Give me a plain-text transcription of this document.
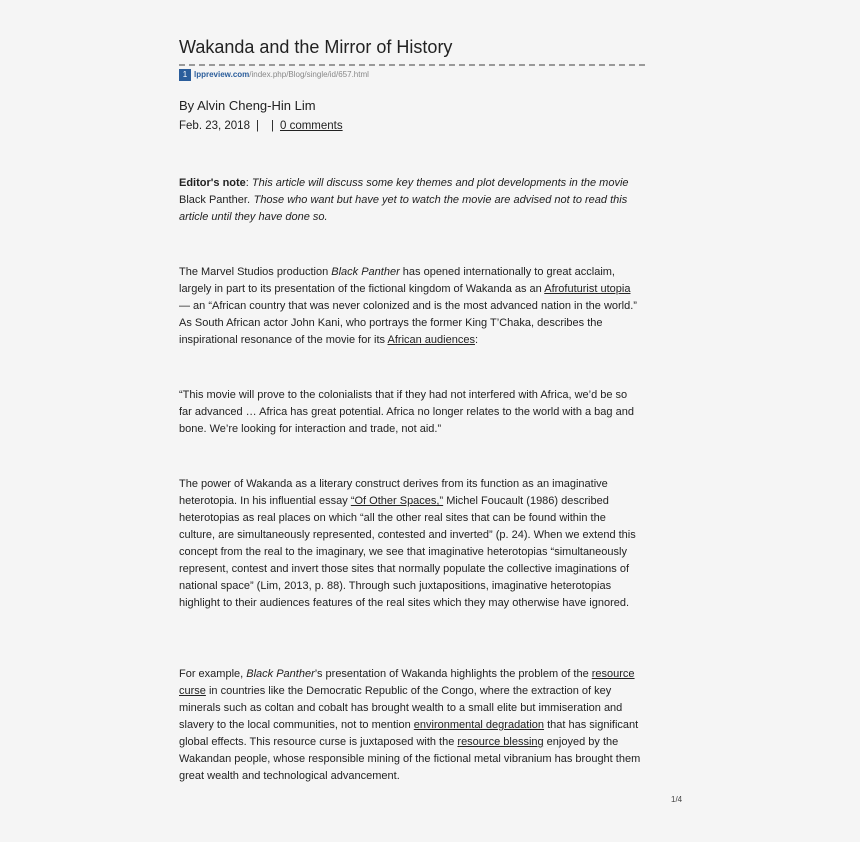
Wakanda and the Mirror of History
1 lppreview.com/index.php/Blog/single/id/657.html
By Alvin Cheng-Hin Lim
Feb. 23, 2018 | | 0 comments

Editor's note: This article will discuss some key themes and plot developments in the movie Black Panther. Those who want but have yet to watch the movie are advised not to read this article until they have done so.

The Marvel Studios production Black Panther has opened internationally to great acclaim, largely in part to its presentation of the fictional kingdom of Wakanda as an Afrofuturist utopia — an “African country that was never colonized and is the most advanced nation in the world.” As South African actor John Kani, who portrays the former King T’Chaka, describes the inspirational resonance of the movie for its African audiences:

“This movie will prove to the colonialists that if they had not interfered with Africa, we’d be so far advanced … Africa has great potential. Africa no longer relates to the world with a bag and bone. We’re looking for interaction and trade, not aid.”

The power of Wakanda as a literary construct derives from its function as an imaginative heterotopia. In his influential essay “Of Other Spaces,” Michel Foucault (1986) described heterotopias as real places on which “all the other real sites that can be found within the culture, are simultaneously represented, contested and inverted” (p. 24). When we extend this concept from the real to the imaginary, we see that imaginative heterotopias “simultaneously represent, contest and invert those sites that normally populate the collective imaginations of national space” (Lim, 2013, p. 88). Through such juxtapositions, imaginative heterotopias highlight to their audiences features of the real sites which they may otherwise have ignored.

For example, Black Panther’s presentation of Wakanda highlights the problem of the resource curse in countries like the Democratic Republic of the Congo, where the extraction of key minerals such as coltan and cobalt has brought wealth to a small elite but immiseration and slavery to the local communities, not to mention environmental degradation that has significant global effects. This resource curse is juxtaposed with the resource blessing enjoyed by the Wakandan people, whose responsible mining of the fictional metal vibranium has brought them great wealth and technological advancement.

1/4
